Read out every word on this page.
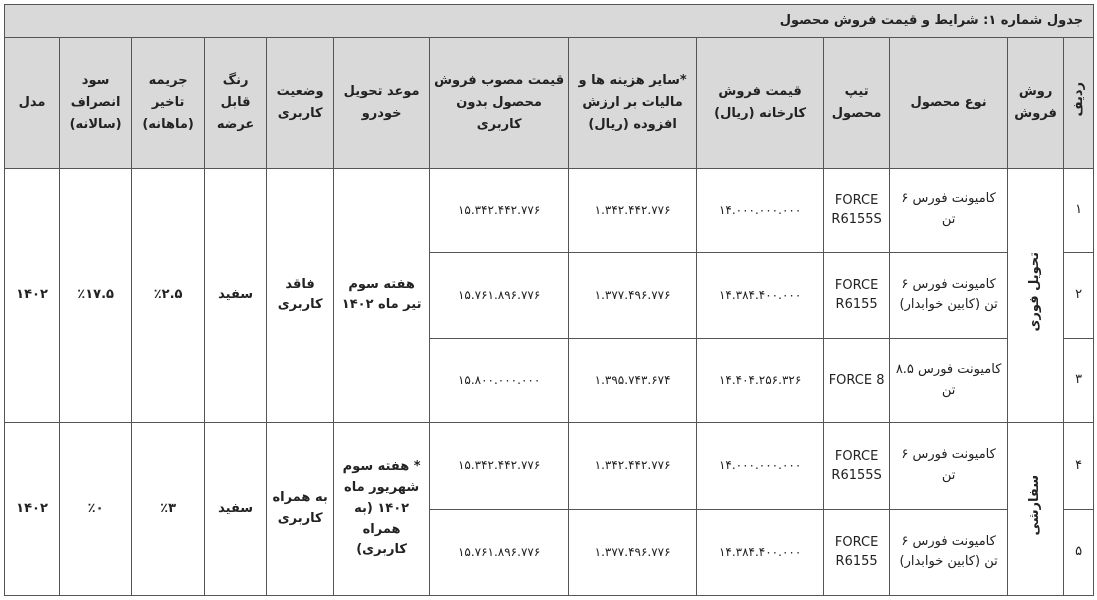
جدول شماره ۱: شرایط و قیمت فروش محصول												
ردیف	روش فروش	نوع محصول	تیپ محصول	قیمت فروش کارخانه (ریال)	*سایر هزینه ها و مالیات بر ارزش افزوده (ریال)	قیمت مصوب فروش محصول بدون کاربری	موعد تحویل خودرو	وضعیت کاربری	رنگ قابل عرضه	جریمه تاخیر (ماهانه)	سود انصراف (سالانه)	مدل
۱	تحویل فوری	کامیونت فورس ۶ تن	FORCE R6155S	۱۴.۰۰۰.۰۰۰.۰۰۰	۱.۳۴۲.۴۴۲.۷۷۶	۱۵.۳۴۲.۴۴۲.۷۷۶	هفته سوم تیر ماه ۱۴۰۲	فاقد کاربری	سفید	٪۲.۵	٪۱۷.۵	۱۴۰۲
۲		کامیونت فورس ۶ تن (کابین خوابدار)	FORCE R6155	۱۴.۳۸۴.۴۰۰.۰۰۰	۱.۳۷۷.۴۹۶.۷۷۶	۱۵.۷۶۱.۸۹۶.۷۷۶						
۳		کامیونت فورس ۸.۵ تن	FORCE 8	۱۴.۴۰۴.۲۵۶.۳۲۶	۱.۳۹۵.۷۴۳.۶۷۴	۱۵.۸۰۰.۰۰۰.۰۰۰						
۴	سفارشی	کامیونت فورس ۶ تن	FORCE R6155S	۱۴.۰۰۰.۰۰۰.۰۰۰	۱.۳۴۲.۴۴۲.۷۷۶	۱۵.۳۴۲.۴۴۲.۷۷۶	* هفته سوم شهریور ماه ۱۴۰۲ (به همراه کاربری)	به همراه کاربری	سفید	٪۳	٪۰	۱۴۰۲
۵		کامیونت فورس ۶ تن (کابین خوابدار)	FORCE R6155	۱۴.۳۸۴.۴۰۰.۰۰۰	۱.۳۷۷.۴۹۶.۷۷۶	۱۵.۷۶۱.۸۹۶.۷۷۶						
